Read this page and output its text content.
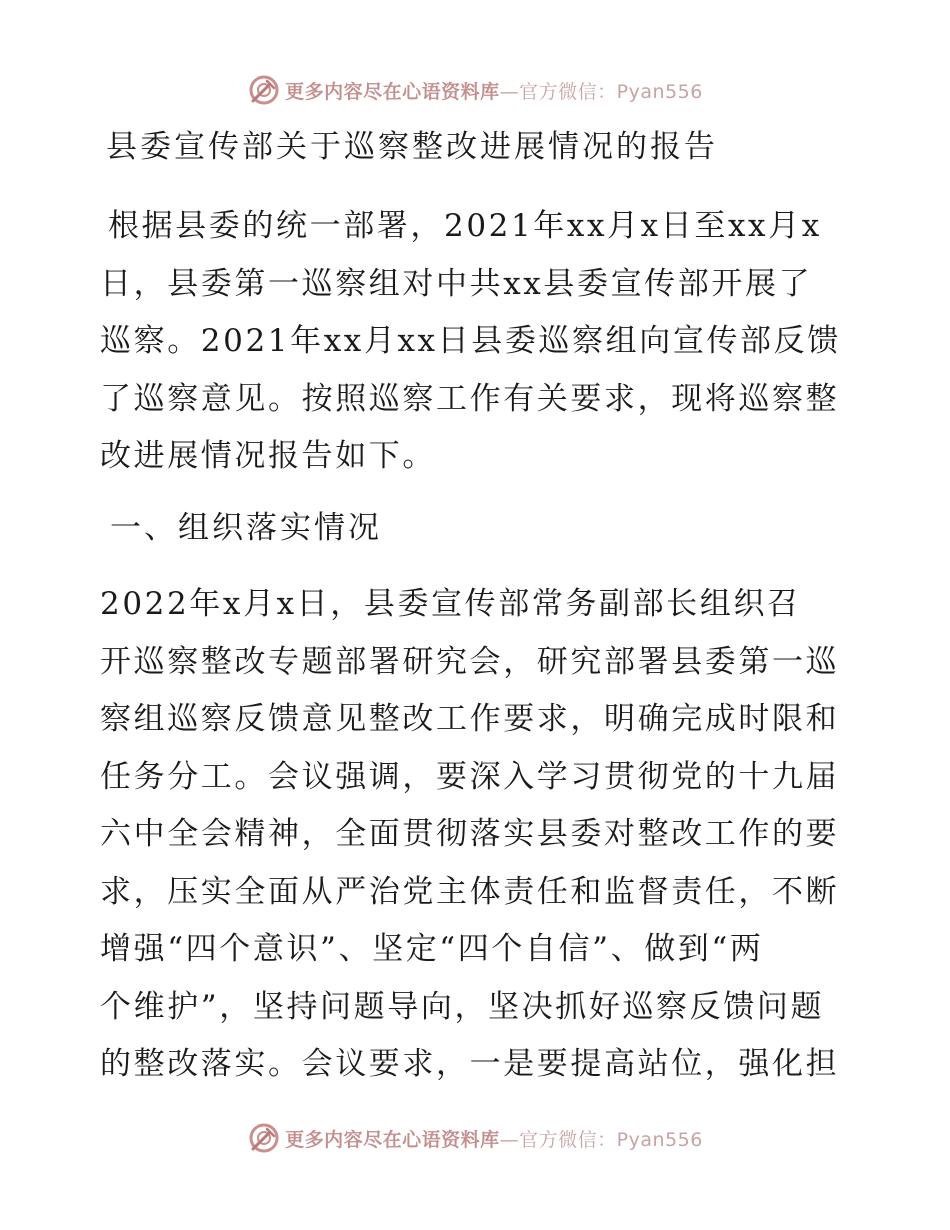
更多内容尽在心语资料库—官方微信：Pyan556
县委宣传部关于巡察整改进展情况的报告
根据县委的统一部署，2021年xx月x日至xx月x
日，县委第一巡察组对中共xx县委宣传部开展了
巡察。2021年xx月xx日县委巡察组向宣传部反馈
了巡察意见。按照巡察工作有关要求，现将巡察整
改进展情况报告如下。
一、组织落实情况
2022年x月x日，县委宣传部常务副部长组织召
开巡察整改专题部署研究会，研究部署县委第一巡
察组巡察反馈意见整改工作要求，明确完成时限和
任务分工。会议强调，要深入学习贯彻党的十九届
六中全会精神，全面贯彻落实县委对整改工作的要
求，压实全面从严治党主体责任和监督责任，不断
增强“四个意识”、坚定“四个自信”、做到“两
个维护”，坚持问题导向，坚决抓好巡察反馈问题
的整改落实。会议要求，一是要提高站位，强化担
更多内容尽在心语资料库—官方微信：Pyan556
